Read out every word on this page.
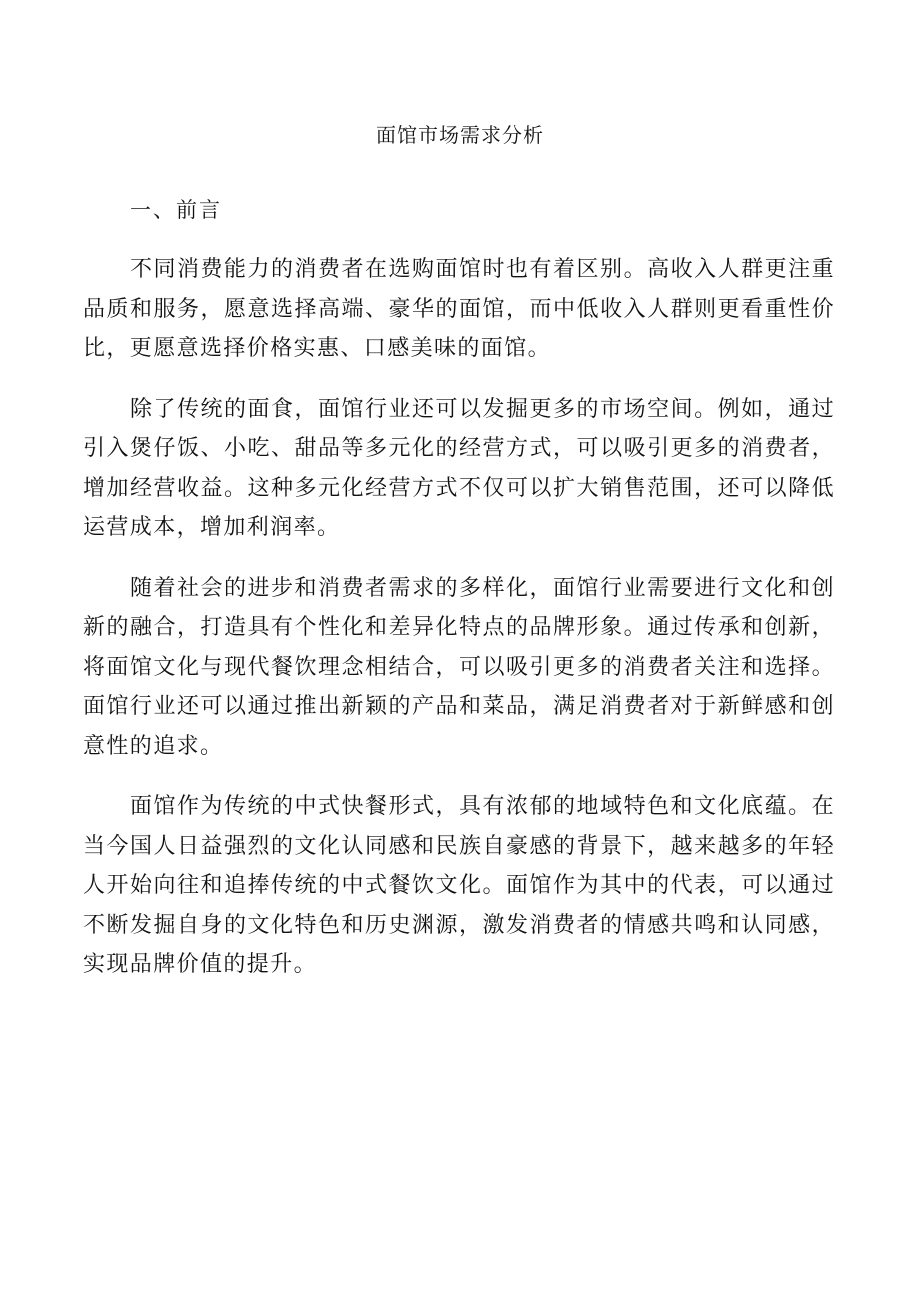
面馆市场需求分析
一、前言

不同消费能力的消费者在选购面馆时也有着区别。高收入人群更注重品质和服务，愿意选择高端、豪华的面馆，而中低收入人群则更看重性价比，更愿意选择价格实惠、口感美味的面馆。

除了传统的面食，面馆行业还可以发掘更多的市场空间。例如，通过引入煲仔饭、小吃、甜品等多元化的经营方式，可以吸引更多的消费者，增加经营收益。这种多元化经营方式不仅可以扩大销售范围，还可以降低运营成本，增加利润率。

随着社会的进步和消费者需求的多样化，面馆行业需要进行文化和创新的融合，打造具有个性化和差异化特点的品牌形象。通过传承和创新，将面馆文化与现代餐饮理念相结合，可以吸引更多的消费者关注和选择。面馆行业还可以通过推出新颖的产品和菜品，满足消费者对于新鲜感和创意性的追求。

面馆作为传统的中式快餐形式，具有浓郁的地域特色和文化底蕴。在当今国人日益强烈的文化认同感和民族自豪感的背景下，越来越多的年轻人开始向往和追捧传统的中式餐饮文化。面馆作为其中的代表，可以通过不断发掘自身的文化特色和历史渊源，激发消费者的情感共鸣和认同感，实现品牌价值的提升。
